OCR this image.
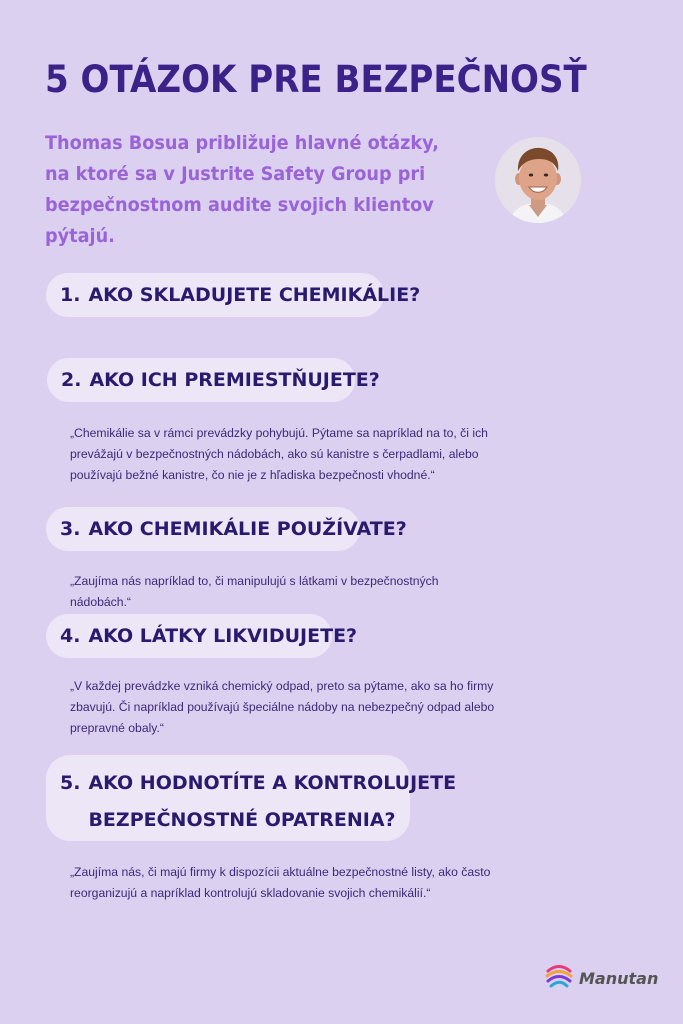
5 OTÁZOK PRE BEZPEČNOSŤ
Thomas Bosua približuje hlavné otázky, na ktoré sa v Justrite Safety Group pri bezpečnostnom audite svojich klientov pýtajú.
1. AKO SKLADUJETE CHEMIKÁLIE?
2. AKO ICH PREMIESTŇUJETE?
„Chemikálie sa v rámci prevádzky pohybujú. Pýtame sa napríklad na to, či ich prevážajú v bezpečnostných nádobách, ako sú kanistre s čerpadlami, alebo používajú bežné kanistre, čo nie je z hľadiska bezpečnosti vhodné.“
3. AKO CHEMIKÁLIE POUŽÍVATE?
„Zaujíma nás napríklad to, či manipulujú s látkami v bezpečnostných nádobách.“
4. AKO LÁTKY LIKVIDUJETE?
„V každej prevádzke vzniká chemický odpad, preto sa pýtame, ako sa ho firmy zbavujú. Či napríklad používajú špeciálne nádoby na nebezpečný odpad alebo prepravné obaly.“
5. AKO HODNOTÍTE A KONTROLUJETE
BEZPEČNOSTNÉ OPATRENIA?
„Zaujíma nás, či majú firmy k dispozícii aktuálne bezpečnostné listy, ako často reorganizujú a napríklad kontrolujú skladovanie svojich chemikálií.“
Manutan
